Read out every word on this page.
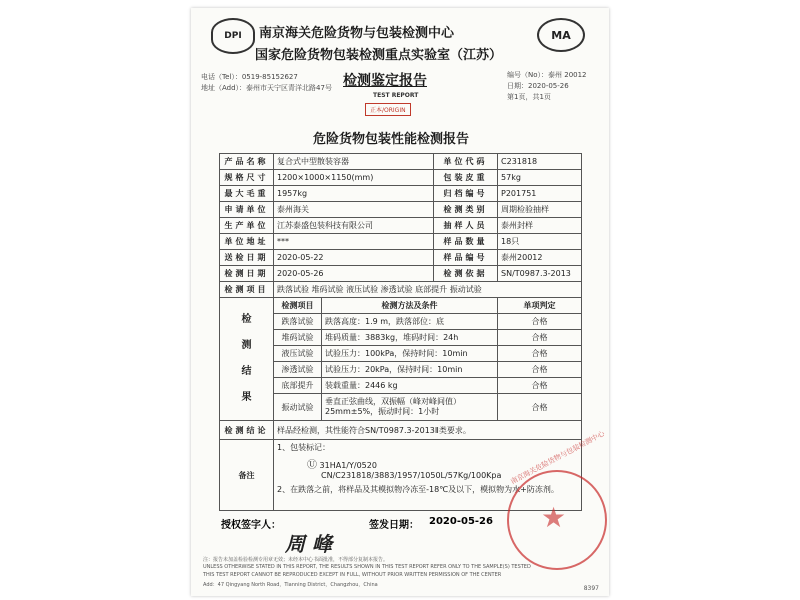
DPI	MA
南京海关危险货物与包装检测中心
国家危险货物包装检测重点实验室（江苏）
电话（Tel）：0519-85152627
地址（Add）：泰州市天宁区青洋北路47号 检测鉴定报告	编号（No）：泰州 20012
日期：2020-05-26
第1页，共1页
TEST REPORT
正本/ORIGIN
危险货物包装性能检测报告
产品名称	复合式中型散装容器		单位代码	C231818
规格尺寸	1200×1000×1150(mm)		包装皮重	57kg
最大毛重	1957kg		归档编号	P201751
申请单位	泰州海关		检测类别	周期检验抽样
生产单位	江苏泰盛包装科技有限公司		抽样人员	泰州封样
单位地址	***		样品数量	18只
送检日期	2020-05-22		样品编号	泰州20012
检测日期	2020-05-26		检测依据	SN/T0987.3-2013
检测项目	跌落试验 堆码试验 液压试验 渗透试验 底部提升 振动试验			

检
测
结
果	检测项目	检测方法及条件		单项判定
	跌落试验	跌落高度：1.9 m，跌落部位：底		合格
	堆码试验	堆码质量：3883kg，堆码时间：24h		合格
	液压试验	试验压力：100kPa，保持时间：10min		合格
	渗透试验	试验压力：20kPa，保持时间：10min		合格
	底部提升	装载重量：2446 kg		合格
	振动试验	垂直正弦曲线，双振幅（峰对峰间值）25mm±5%，振动时间：1小时		合格
检测结论	样品经检测，其性能符合SN/T0987.3-2013Ⅱ类要求。			
备注	1、包装标记：
Ⓤ 31HA1/Y/0520
CN/C231818/3883/1957/1050L/57Kg/100Kpa
2、在跌落之前，将样品及其模拟物冷冻至-18℃及以下，模拟物为水+防冻剂。			
授权签字人：
周 峰
签发日期： 2020-05-26 ★
南京海关危险货物与包装检测中心
注：报告未加盖检验检测专用章无效；未经本中心书面批准，不得部分复制本报告。
UNLESS OTHERWISE STATED IN THIS REPORT, THE RESULTS SHOWN IN THIS TEST REPORT REFER ONLY TO THE SAMPLE(S) TESTED
THIS TEST REPORT CANNOT BE REPRODUCED EXCEPT IN FULL, WITHOUT PRIOR WRITTEN PERMISSION OF THE CENTER
Add：47 Qingyang North Road，Tianning District，Changzhou，China	8397
